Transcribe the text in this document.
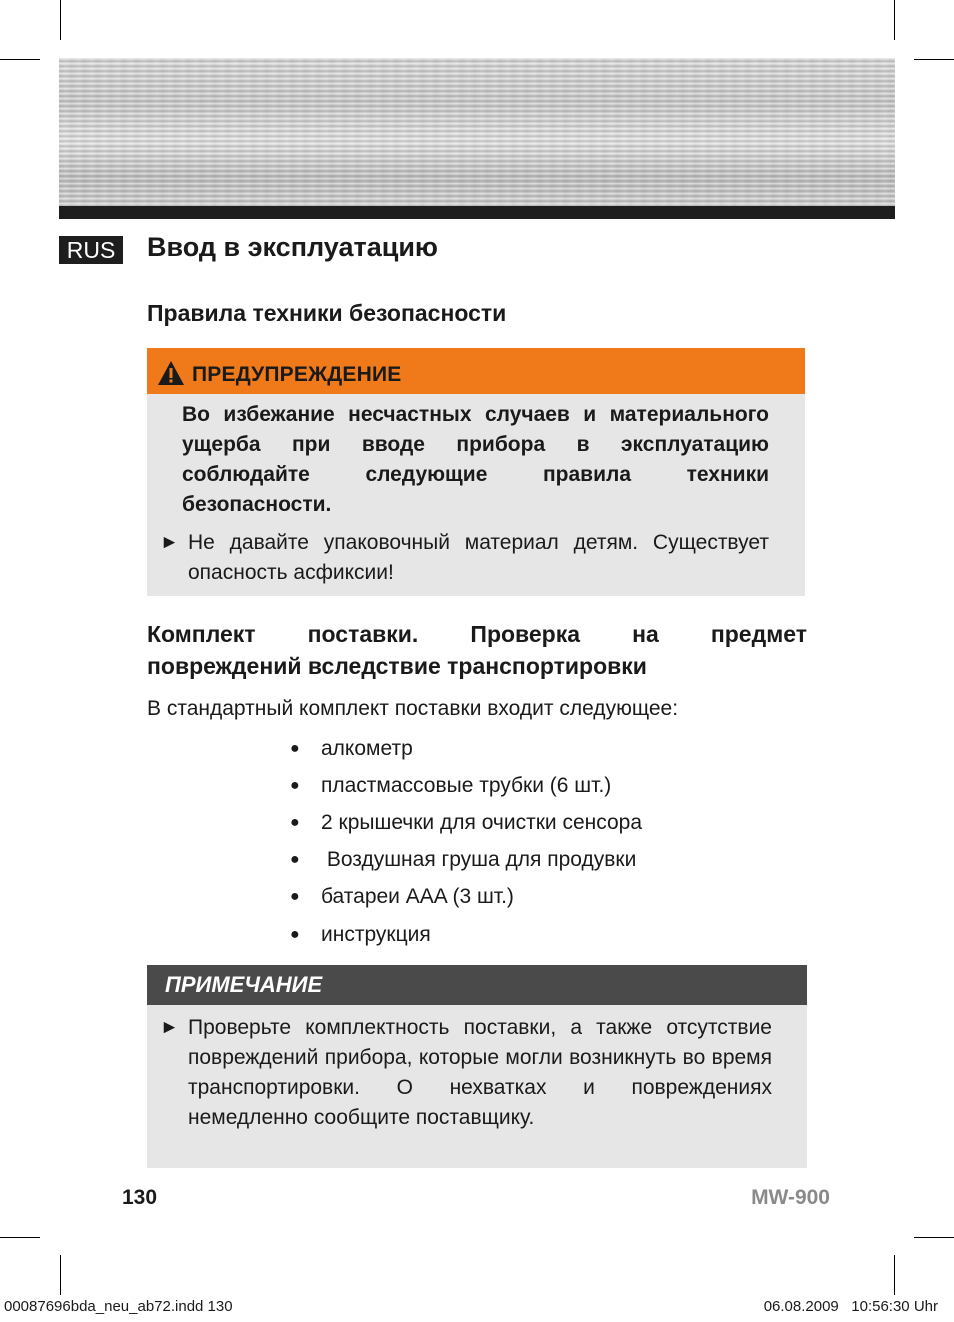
RUS Ввод в эксплуатацию
Правила техники безопасности
ПРЕДУПРЕЖДЕНИЕ

Во избежание несчастных случаев и материального ущерба при вводе прибора в эксплуатацию соблюдайте следующие правила техники безопасности.

► Не давайте упаковочный материал детям. Существует опасность асфиксии!

Комплект поставки. Проверка на предмет
повреждений вследствие транспортировки

В стандартный комплект поставки входит следующее:

●	алкометр
●	пластмассовые трубки (6 шт.)
●	2 крышечки для очистки сенсора
●	Воздушная груша для продувки
●	батареи AAA (3 шт.)
●	инструкция
ПРИМЕЧАНИЕ
► Проверьте комплектность поставки, а также отсутствие повреждений прибора, которые могли возникнуть во время транспортировки. О нехватках и повреждениях немедленно сообщите поставщику.

130	MW-900

00087696bda_neu_ab72.indd 130	06.08.2009   10:56:30 Uhr
